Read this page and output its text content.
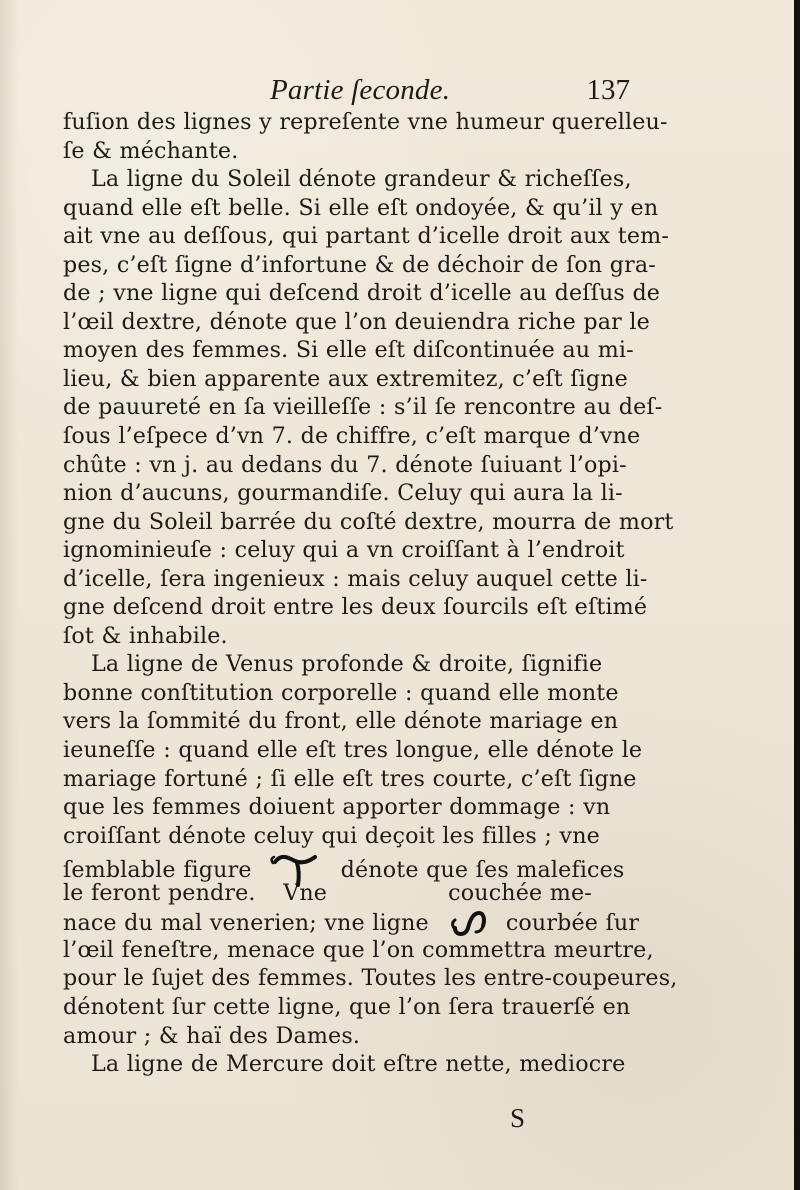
Partie ſeconde.	137
fuſion des lignes y repreſente vne humeur querelleu-
ſe & méchante.
La ligne du Soleil dénote grandeur & richeſſes,
quand elle eſt belle. Si elle eſt ondoyée, & qu’il y en
ait vne au deſſous, qui partant d’icelle droit aux tem-
pes, c’eſt ſigne d’infortune & de déchoir de ſon gra-
de ; vne ligne qui deſcend droit d’icelle au deſſus de
l’œil dextre, dénote que l’on deuiendra riche par le
moyen des femmes. Si elle eſt diſcontinuée au mi-
lieu, & bien apparente aux extremitez, c’eſt ſigne
de pauureté en ſa vieilleſſe : s’il ſe rencontre au deſ-
ſous l’eſpece d’vn 7. de chiffre, c’eſt marque d’vne
chûte : vn j. au dedans du 7. dénote ſuiuant l’opi-
nion d’aucuns, gourmandiſe. Celuy qui aura la li-
gne du Soleil barrée du coſté dextre, mourra de mort
ignominieuſe : celuy qui a vn croiſſant à l’endroit
d’icelle, ſera ingenieux : mais celuy auquel cette li-
gne deſcend droit entre les deux ſourcils eſt eſtimé
ſot & inhabile.
La ligne de Venus profonde & droite, ſignifie
bonne conſtitution corporelle : quand elle monte
vers la ſommité du front, elle dénote mariage en
ieuneſſe : quand elle eſt tres longue, elle dénote le
mariage fortuné ; ſi elle eſt tres courte, c’eſt ſigne
que les femmes doiuent apporter dommage : vn
croiſſant dénote celuy qui deçoit les filles ; vne
ſemblable figure	dénote que ſes malefices
le feront pendre. Vne	couchée me-
nace du mal venerien; vne ligne	courbée ſur
l’œil feneſtre, menace que l’on commettra meurtre,
pour le ſujet des femmes. Toutes les entre-coupeures,
dénotent ſur cette ligne, que l’on ſera trauerſé en
amour ; & haï des Dames.
La ligne de Mercure doit eſtre nette, mediocre
S
